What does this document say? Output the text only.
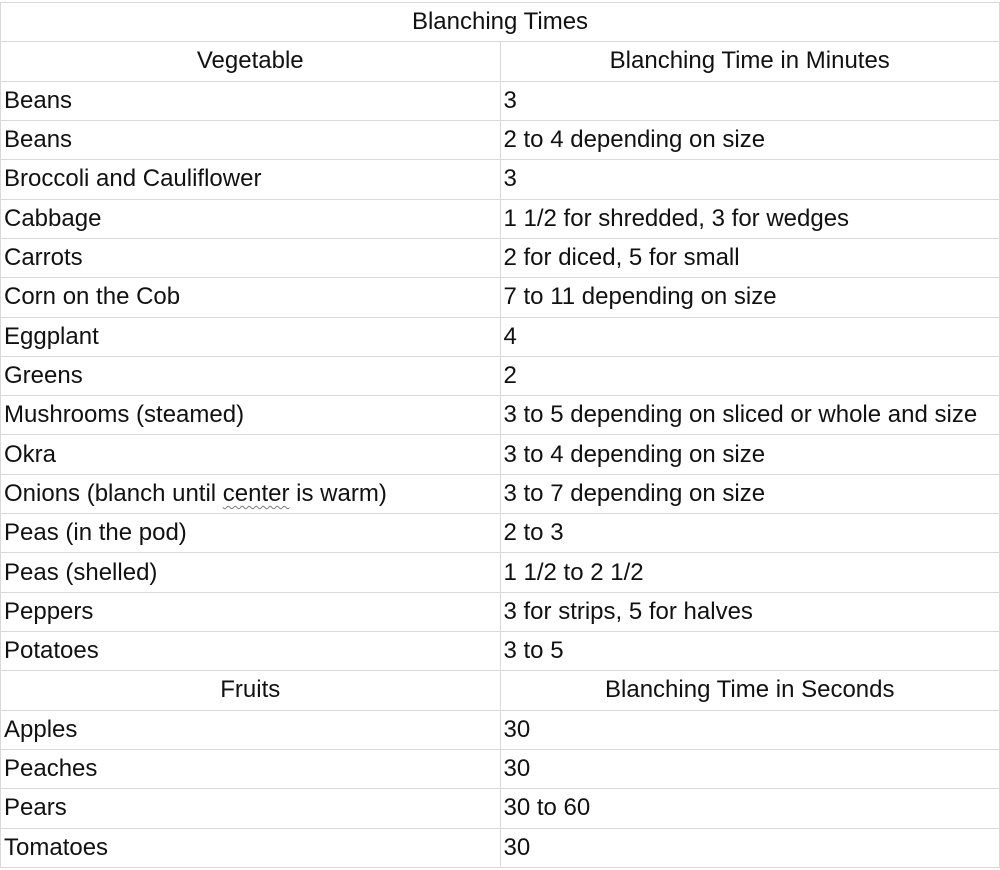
Blanching Times	
Vegetable	Blanching Time in Minutes
Beans	3
Beans	2 to 4 depending on size
Broccoli and Cauliflower	3
Cabbage	1 1/2 for shredded, 3 for wedges
Carrots	2 for diced, 5 for small
Corn on the Cob	7 to 11 depending on size
Eggplant	4
Greens	2
Mushrooms (steamed)	3 to 5 depending on sliced or whole and size
Okra	3 to 4 depending on size
Onions (blanch until center is warm)	3 to 7 depending on size
Peas (in the pod)	2 to 3
Peas (shelled)	1 1/2 to 2 1/2
Peppers	3 for strips, 5 for halves
Potatoes	3 to 5
Fruits	Blanching Time in Seconds
Apples	30
Peaches	30
Pears	30 to 60
Tomatoes	30
